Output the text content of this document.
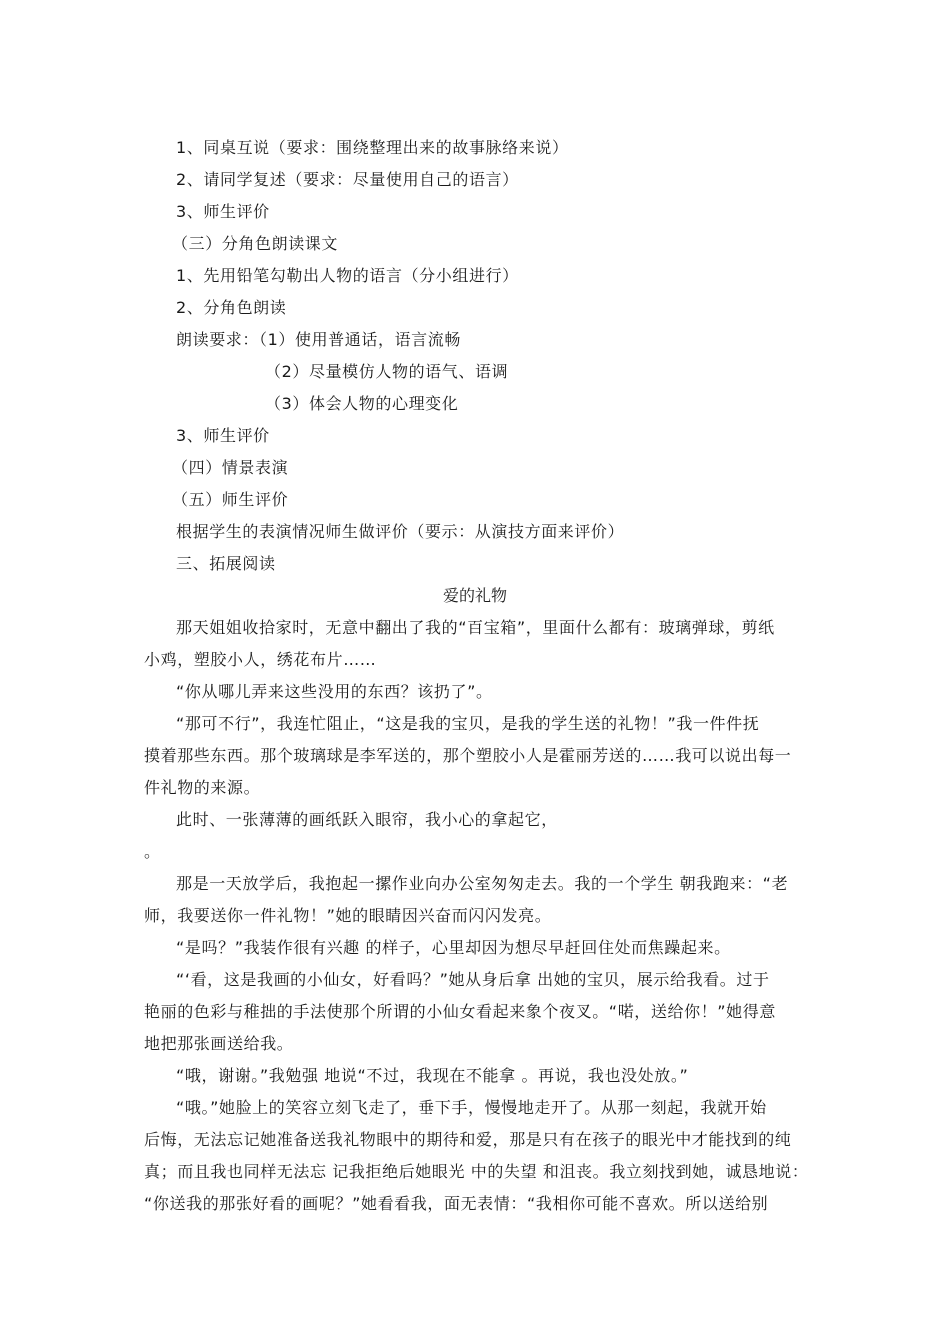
1、同桌互说（要求：围绕整理出来的故事脉络来说）
2、请同学复述（要求：尽量使用自己的语言）
3、师生评价
（三）分角色朗读课文
1、先用铅笔勾勒出人物的语言（分小组进行）
2、分角色朗读
朗读要求：（1）使用普通话，语言流畅
（2）尽量模仿人物的语气、语调
（3）体会人物的心理变化
3、师生评价
（四）情景表演
（五）师生评价
根据学生的表演情况师生做评价（要示：从演技方面来评价）
三、拓展阅读
爱的礼物
那天姐姐收拾家时，无意中翻出了我的“百宝箱”，里面什么都有：玻璃弹球，剪纸
小鸡，塑胶小人，绣花布片……
“你从哪儿弄来这些没用的东西？该扔了”。
“那可不行”，我连忙阻止，“这是我的宝贝，是我的学生送的礼物！”我一件件抚
摸着那些东西。那个玻璃球是李军送的，那个塑胶小人是霍丽芳送的……我可以说出每一
件礼物的来源。
此时、一张薄薄的画纸跃入眼帘，我小心的拿起它，
。
那是一天放学后，我抱起一摞作业向办公室匆匆走去。我的一个学生 朝我跑来：“老
师，我要送你一件礼物！”她的眼睛因兴奋而闪闪发亮。
“是吗？”我装作很有兴趣 的样子，心里却因为想尽早赶回住处而焦躁起来。
“‘看，这是我画的小仙女，好看吗？”她从身后拿 出她的宝贝，展示给我看。过于
艳丽的色彩与稚拙的手法使那个所谓的小仙女看起来象个夜叉。“喏，送给你！”她得意
地把那张画送给我。
“哦，谢谢。”我勉强 地说“不过，我现在不能拿 。再说，我也没处放。”
“哦。”她脸上的笑容立刻飞走了，垂下手，慢慢地走开了。从那一刻起，我就开始
后悔，无法忘记她准备送我礼物眼中的期待和爱，那是只有在孩子的眼光中才能找到的纯
真；而且我也同样无法忘 记我拒绝后她眼光 中的失望 和沮丧。我立刻找到她，诚恳地说：
“你送我的那张好看的画呢？”她看看我，面无表情：“我相你可能不喜欢。所以送给别
